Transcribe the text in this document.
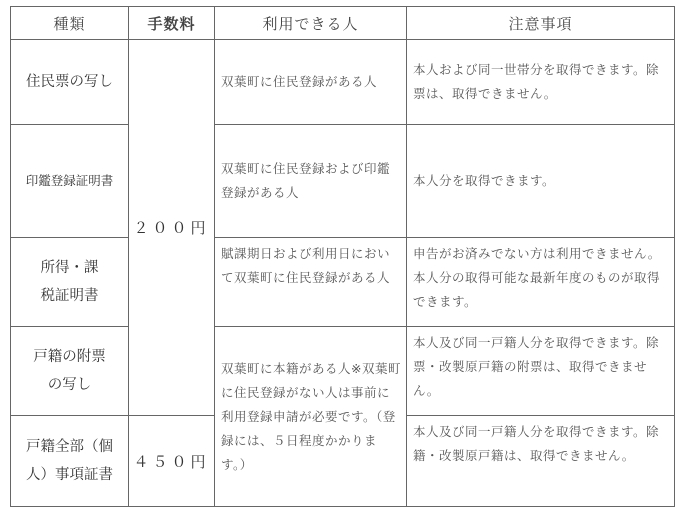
種類	手数料	利用できる人	注意事項
住民票の写し	２００円	双葉町に住民登録がある人	本人および同一世帯分を取得できます。除票は、取得できません。
印鑑登録証明書		双葉町に住民登録および印鑑登録がある人	本人分を取得できます。

所得・課税証明書		賦課期日および利用日において双葉町に住民登録がある人	申告がお済みでない方は利用できません。本人分の取得可能な最新年度のものが取得できます。

戸籍の附票の写し		双葉町に本籍がある人※双葉町に住民登録がない人は事前に利用登録申請が必要です。（登録には、５日程度かかります。）	本人及び同一戸籍人分を取得できます。除票・改製原戸籍の附票は、取得できません。

戸籍全部（個人）事項証書	４５０円		本人及び同一戸籍人分を取得できます。除籍・改製原戸籍は、取得できません。
